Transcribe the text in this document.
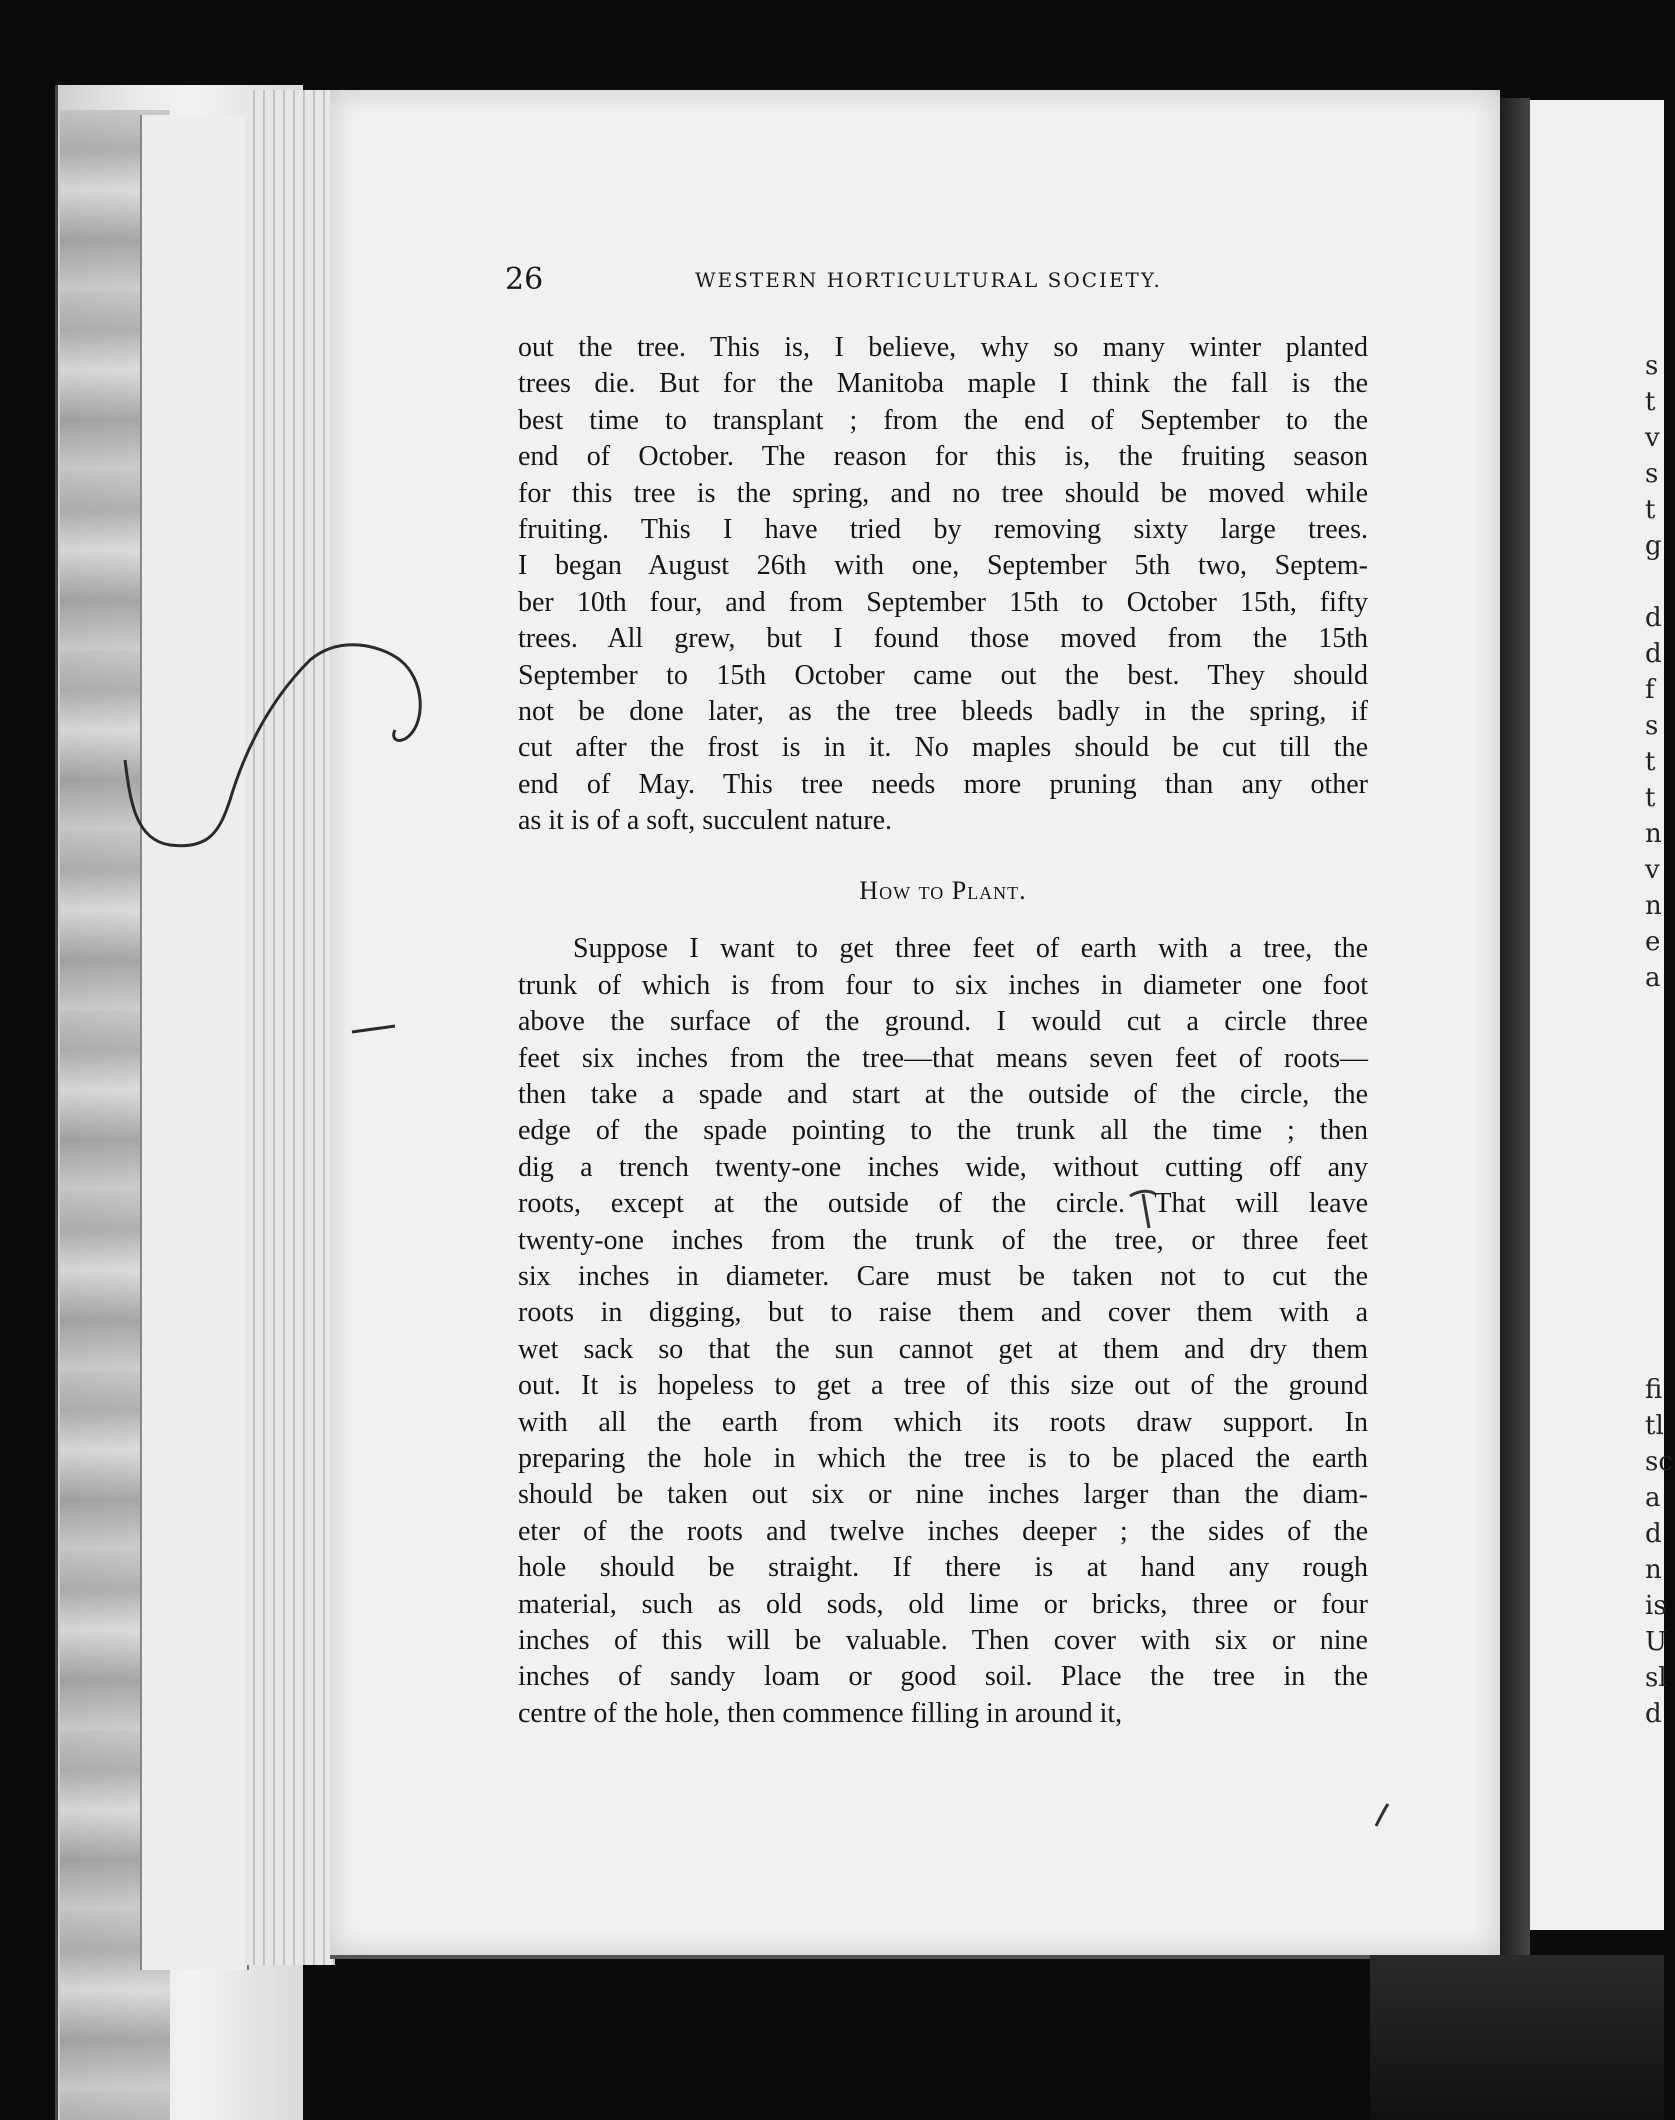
s
t
v
s
t
g
d
d
f
s
t
t
n
v
n
e
a
fi
tl
sc
a
d
n
is
U
sl
d
26	WESTERN HORTICULTURAL SOCIETY.
out the tree. This is, I believe, why so many winter planted
trees die. But for the Manitoba maple I think the fall is the
best time to transplant ; from the end of September to the
end of October. The reason for this is, the fruiting season
for this tree is the spring, and no tree should be moved while
fruiting. This I have tried by removing sixty large trees.
I began August 26th with one, September 5th two, Septem-
ber 10th four, and from September 15th to October 15th, fifty
trees. All grew, but I found those moved from the 15th
September to 15th October came out the best. They should
not be done later, as the tree bleeds badly in the spring, if
cut after the frost is in it. No maples should be cut till the
end of May. This tree needs more pruning than any other
as it is of a soft, succulent nature.
How to Plant.
Suppose I want to get three feet of earth with a tree, the
trunk of which is from four to six inches in diameter one foot
above the surface of the ground. I would cut a circle three
feet six inches from the tree—that means seven feet of roots—
then take a spade and start at the outside of the circle, the
edge of the spade pointing to the trunk all the time ; then
dig a trench twenty-one inches wide, without cutting off any
roots, except at the outside of the circle. That will leave
twenty-one inches from the trunk of the tree, or three feet
six inches in diameter. Care must be taken not to cut the
roots in digging, but to raise them and cover them with a
wet sack so that the sun cannot get at them and dry them
out. It is hopeless to get a tree of this size out of the ground
with all the earth from which its roots draw support. In
preparing the hole in which the tree is to be placed the earth
should be taken out six or nine inches larger than the diam-
eter of the roots and twelve inches deeper ; the sides of the
hole should be straight. If there is at hand any rough
material, such as old sods, old lime or bricks, three or four
inches of this will be valuable. Then cover with six or nine
inches of sandy loam or good soil. Place the tree in the
centre of the hole, then commence filling in around it,
